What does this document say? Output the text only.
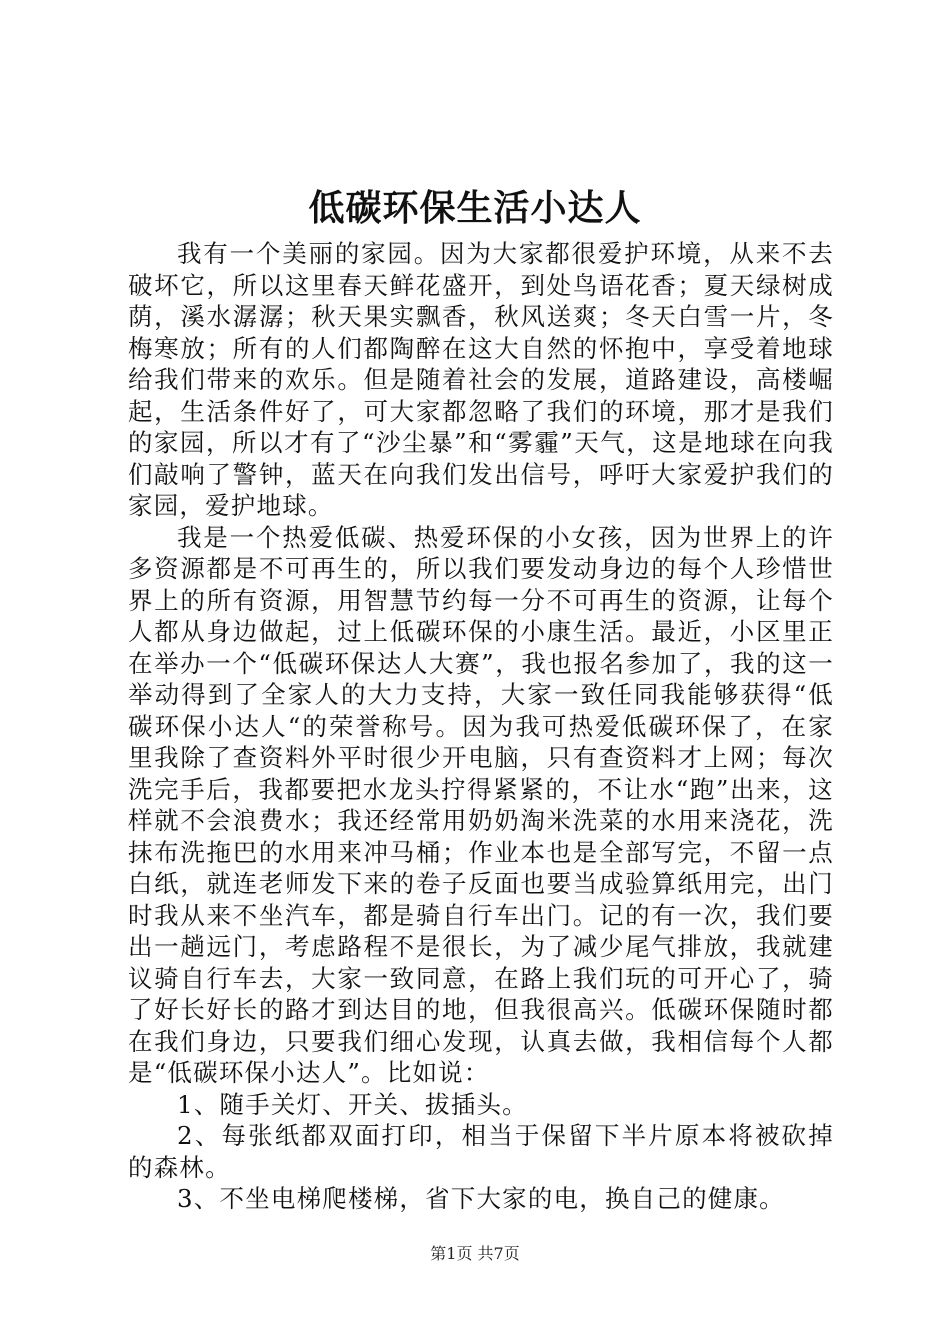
低碳环保生活小达人

我有一个美丽的家园。因为大家都很爱护环境，从来不去破坏它，所以这里春天鲜花盛开，到处鸟语花香；夏天绿树成荫，溪水潺潺；秋天果实飘香，秋风送爽；冬天白雪一片，冬梅寒放；所有的人们都陶醉在这大自然的怀抱中，享受着地球给我们带来的欢乐。但是随着社会的发展，道路建设，高楼崛起，生活条件好了，可大家都忽略了我们的环境，那才是我们的家园，所以才有了“沙尘暴”和“雾霾”天气，这是地球在向我们敲响了警钟，蓝天在向我们发出信号，呼吁大家爱护我们的家园，爱护地球。

我是一个热爱低碳、热爱环保的小女孩，因为世界上的许多资源都是不可再生的，所以我们要发动身边的每个人珍惜世界上的所有资源，用智慧节约每一分不可再生的资源，让每个人都从身边做起，过上低碳环保的小康生活。最近，小区里正在举办一个“低碳环保达人大赛”，我也报名参加了，我的这一举动得到了全家人的大力支持，大家一致任同我能够获得“低碳环保小达人“的荣誉称号。因为我可热爱低碳环保了，在家里我除了查资料外平时很少开电脑，只有查资料才上网；每次洗完手后，我都要把水龙头拧得紧紧的，不让水“跑”出来，这样就不会浪费水；我还经常用奶奶淘米洗菜的水用来浇花，洗抹布洗拖巴的水用来冲马桶；作业本也是全部写完，不留一点白纸，就连老师发下来的卷子反面也要当成验算纸用完，出门时我从来不坐汽车，都是骑自行车出门。记的有一次，我们要出一趟远门，考虑路程不是很长，为了减少尾气排放，我就建议骑自行车去，大家一致同意，在路上我们玩的可开心了，骑了好长好长的路才到达目的地，但我很高兴。低碳环保随时都在我们身边，只要我们细心发现，认真去做，我相信每个人都是“低碳环保小达人”。比如说：

1、随手关灯、开关、拔插头。

2、每张纸都双面打印，相当于保留下半片原本将被砍掉的森林。

3、不坐电梯爬楼梯，省下大家的电，换自己的健康。

第1页 共7页
